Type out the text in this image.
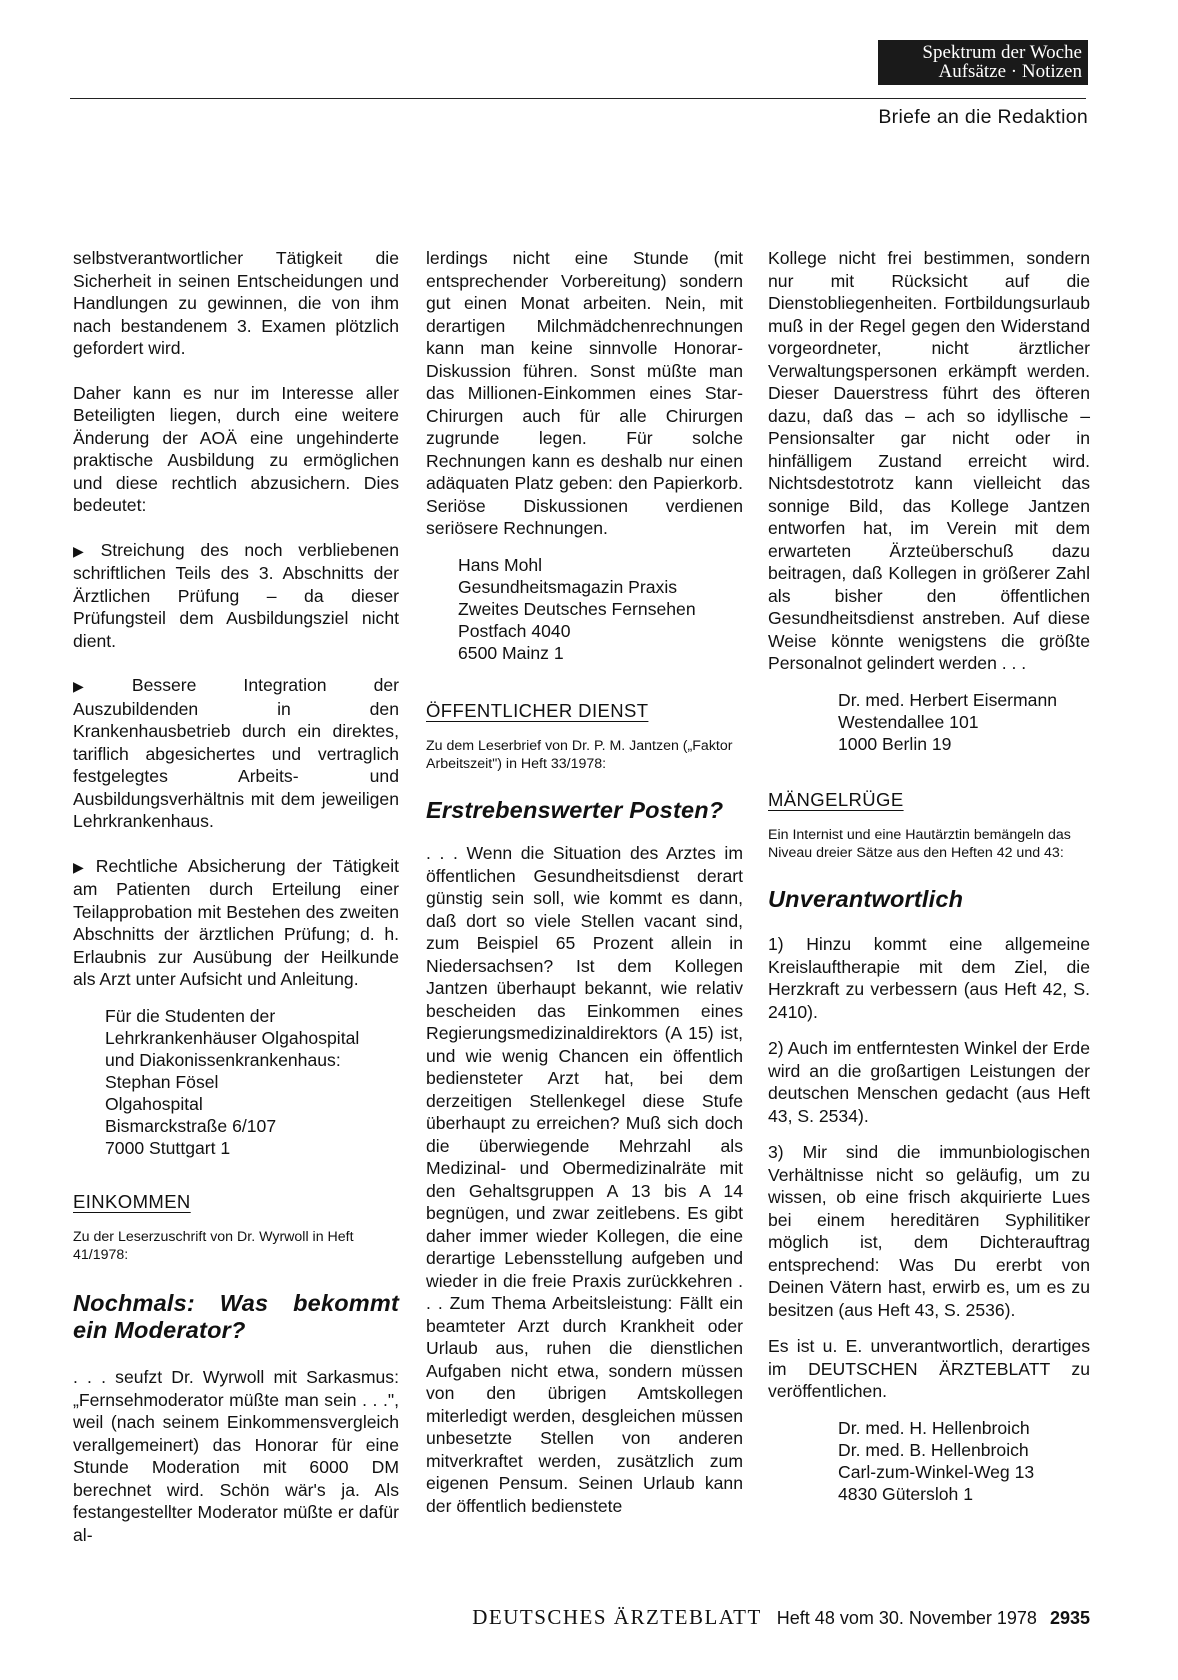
Spektrum der Woche
Aufsätze · Notizen
Briefe an die Redaktion

selbstverantwortlicher Tätigkeit die Sicherheit in seinen Entscheidungen und Handlungen zu gewinnen, die von ihm nach bestandenem 3. Examen plötzlich gefordert wird.

Daher kann es nur im Interesse aller Beteiligten liegen, durch eine weitere Änderung der AOÄ eine ungehinderte praktische Ausbildung zu ermöglichen und diese rechtlich abzusichern. Dies bedeutet:

▶ Streichung des noch verbliebenen schriftlichen Teils des 3. Abschnitts der Ärztlichen Prüfung – da dieser Prüfungsteil dem Ausbildungsziel nicht dient.

▶ Bessere Integration der Auszubildenden in den Krankenhausbetrieb durch ein direktes, tariflich abgesichertes und vertraglich festgelegtes Arbeits- und Ausbildungsverhältnis mit dem jeweiligen Lehrkrankenhaus.

▶ Rechtliche Absicherung der Tätigkeit am Patienten durch Erteilung einer Teilapprobation mit Bestehen des zweiten Abschnitts der ärztlichen Prüfung; d. h. Erlaubnis zur Ausübung der Heilkunde als Arzt unter Aufsicht und Anleitung.

Für die Studenten der
Lehrkrankenhäuser Olgahospital
und Diakonissenkrankenhaus:
Stephan Fösel
Olgahospital
Bismarckstraße 6/107
7000 Stuttgart 1

EINKOMMEN

Zu der Leserzuschrift von Dr. Wyrwoll in Heft 41/1978:

Nochmals: Was bekommt ein Moderator?

. . . seufzt Dr. Wyrwoll mit Sarkasmus: „Fernsehmoderator müßte man sein . . .", weil (nach seinem Einkommensvergleich verallgemeinert) das Honorar für eine Stunde Moderation mit 6000 DM berechnet wird. Schön wär's ja. Als festangestellter Moderator müßte er dafür al-

lerdings nicht eine Stunde (mit entsprechender Vorbereitung) sondern gut einen Monat arbeiten. Nein, mit derartigen Milchmädchenrechnungen kann man keine sinnvolle Honorar-Diskussion führen. Sonst müßte man das Millionen-Einkommen eines Star-Chirurgen auch für alle Chirurgen zugrunde legen. Für solche Rechnungen kann es deshalb nur einen adäquaten Platz geben: den Papierkorb. Seriöse Diskussionen verdienen seriösere Rechnungen.

Hans Mohl
Gesundheitsmagazin Praxis
Zweites Deutsches Fernsehen
Postfach 4040
6500 Mainz 1

ÖFFENTLICHER DIENST

Zu dem Leserbrief von Dr. P. M. Jantzen („Faktor Arbeitszeit") in Heft 33/1978:

Erstrebenswerter Posten?

. . . Wenn die Situation des Arztes im öffentlichen Gesundheitsdienst derart günstig sein soll, wie kommt es dann, daß dort so viele Stellen vacant sind, zum Beispiel 65 Prozent allein in Niedersachsen? Ist dem Kollegen Jantzen überhaupt bekannt, wie relativ bescheiden das Einkommen eines Regierungsmedizinaldirektors (A 15) ist, und wie wenig Chancen ein öffentlich bediensteter Arzt hat, bei dem derzeitigen Stellenkegel diese Stufe überhaupt zu erreichen? Muß sich doch die überwiegende Mehrzahl als Medizinal- und Obermedizinalräte mit den Gehaltsgruppen A 13 bis A 14 begnügen, und zwar zeitlebens. Es gibt daher immer wieder Kollegen, die eine derartige Lebensstellung aufgeben und wieder in die freie Praxis zurückkehren . . . Zum Thema Arbeitsleistung: Fällt ein beamteter Arzt durch Krankheit oder Urlaub aus, ruhen die dienstlichen Aufgaben nicht etwa, sondern müssen von den übrigen Amtskollegen miterledigt werden, desgleichen müssen unbesetzte Stellen von anderen mitverkraftet werden, zusätzlich zum eigenen Pensum. Seinen Urlaub kann der öffentlich bedienstete

Kollege nicht frei bestimmen, sondern nur mit Rücksicht auf die Dienstobliegenheiten. Fortbildungsurlaub muß in der Regel gegen den Widerstand vorgeordneter, nicht ärztlicher Verwaltungspersonen erkämpft werden. Dieser Dauerstress führt des öfteren dazu, daß das – ach so idyllische – Pensionsalter gar nicht oder in hinfälligem Zustand erreicht wird. Nichtsdestotrotz kann vielleicht das sonnige Bild, das Kollege Jantzen entworfen hat, im Verein mit dem erwarteten Ärzteüberschuß dazu beitragen, daß Kollegen in größerer Zahl als bisher den öffentlichen Gesundheitsdienst anstreben. Auf diese Weise könnte wenigstens die größte Personalnot gelindert werden . . .

Dr. med. Herbert Eisermann
Westendallee 101
1000 Berlin 19

MÄNGELRÜGE

Ein Internist und eine Hautärztin bemängeln das Niveau dreier Sätze aus den Heften 42 und 43:

Unverantwortlich

1) Hinzu kommt eine allgemeine Kreislauftherapie mit dem Ziel, die Herzkraft zu verbessern (aus Heft 42, S. 2410).

2) Auch im entferntesten Winkel der Erde wird an die großartigen Leistungen der deutschen Menschen gedacht (aus Heft 43, S. 2534).

3) Mir sind die immunbiologischen Verhältnisse nicht so geläufig, um zu wissen, ob eine frisch akquirierte Lues bei einem hereditären Syphilitiker möglich ist, dem Dichterauftrag entsprechend: Was Du ererbt von Deinen Vätern hast, erwirb es, um es zu besitzen (aus Heft 43, S. 2536).

Es ist u. E. unverantwortlich, derartiges im DEUTSCHEN ÄRZTEBLATT zu veröffentlichen.

Dr. med. H. Hellenbroich
Dr. med. B. Hellenbroich
Carl-zum-Winkel-Weg 13
4830 Gütersloh 1
DEUTSCHES ÄRZTEBLATT Heft 48 vom 30. November 1978 2935
